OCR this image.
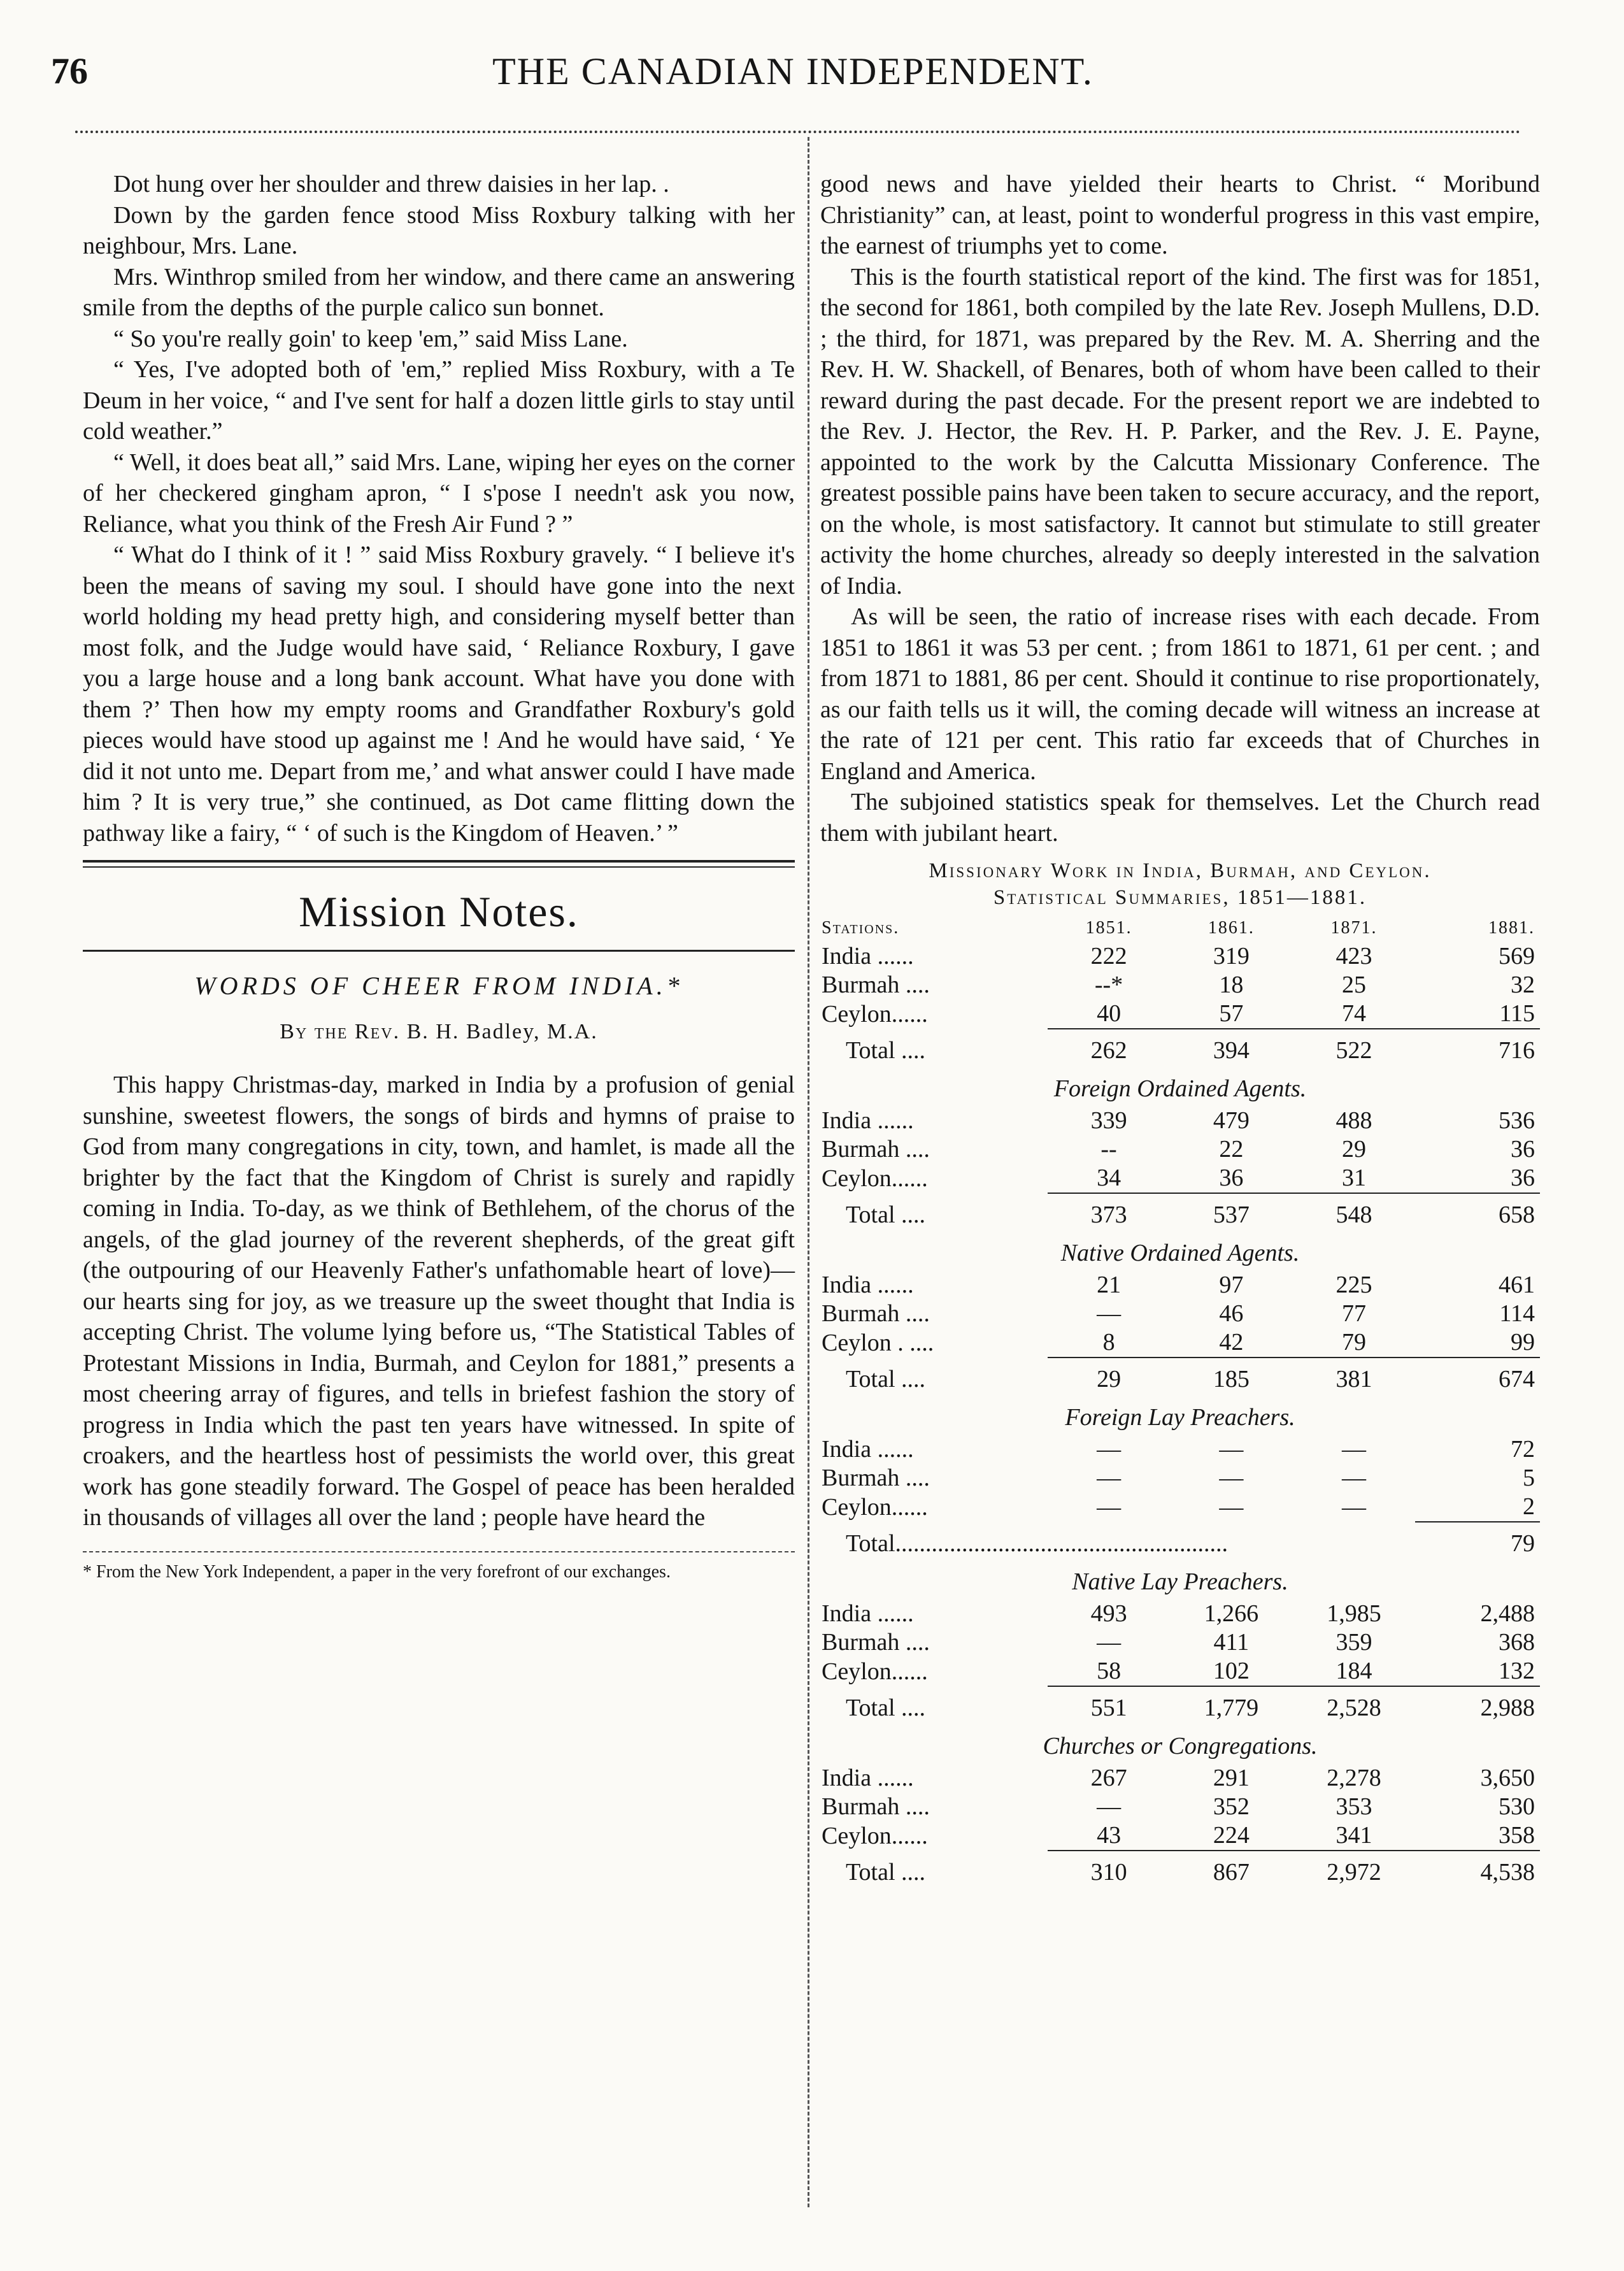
76	THE CANADIAN INDEPENDENT.

Dot hung over her shoulder and threw daisies in her lap. .

Down by the garden fence stood Miss Roxbury talking with her neighbour, Mrs. Lane.

Mrs. Winthrop smiled from her window, and there came an answering smile from the depths of the purple calico sun bonnet.

“ So you're really goin' to keep 'em,” said Miss Lane.

“ Yes, I've adopted both of 'em,” replied Miss Roxbury, with a Te Deum in her voice, “ and I've sent for half a dozen little girls to stay until cold weather.”

“ Well, it does beat all,” said Mrs. Lane, wiping her eyes on the corner of her checkered gingham apron, “ I s'pose I needn't ask you now, Reliance, what you think of the Fresh Air Fund ? ”

“ What do I think of it ! ” said Miss Roxbury gravely. “ I believe it's been the means of saving my soul. I should have gone into the next world holding my head pretty high, and considering myself better than most folk, and the Judge would have said, ‘ Reliance Roxbury, I gave you a large house and a long bank account. What have you done with them ?’ Then how my empty rooms and Grandfather Roxbury's gold pieces would have stood up against me ! And he would have said, ‘ Ye did it not unto me. Depart from me,’ and what answer could I have made him ? It is very true,” she continued, as Dot came flitting down the pathway like a fairy, “ ‘ of such is the Kingdom of Heaven.’ ”

Mission Notes.
WORDS OF CHEER FROM INDIA.*
By the Rev. B. H. Badley, M.A.

This happy Christmas-day, marked in India by a profusion of genial sunshine, sweetest flowers, the songs of birds and hymns of praise to God from many congregations in city, town, and hamlet, is made all the brighter by the fact that the Kingdom of Christ is surely and rapidly coming in India. To-day, as we think of Bethlehem, of the chorus of the angels, of the glad journey of the reverent shepherds, of the great gift (the outpouring of our Heavenly Father's unfathomable heart of love)—our hearts sing for joy, as we treasure up the sweet thought that India is accepting Christ. The volume lying before us, “The Statistical Tables of Protestant Missions in India, Burmah, and Ceylon for 1881,” presents a most cheering array of figures, and tells in briefest fashion the story of progress in India which the past ten years have witnessed. In spite of croakers, and the heartless host of pessimists the world over, this great work has gone steadily forward. The Gospel of peace has been heralded in thousands of villages all over the land ; people have heard the

* From the New York Independent, a paper in the very forefront of our exchanges.

good news and have yielded their hearts to Christ. “ Moribund Christianity” can, at least, point to wonderful progress in this vast empire, the earnest of triumphs yet to come.

This is the fourth statistical report of the kind. The first was for 1851, the second for 1861, both compiled by the late Rev. Joseph Mullens, D.D. ; the third, for 1871, was prepared by the Rev. M. A. Sherring and the Rev. H. W. Shackell, of Benares, both of whom have been called to their reward during the past decade. For the present report we are indebted to the Rev. J. Hector, the Rev. H. P. Parker, and the Rev. J. E. Payne, appointed to the work by the Calcutta Missionary Conference. The greatest possible pains have been taken to secure accuracy, and the report, on the whole, is most satisfactory. It cannot but stimulate to still greater activity the home churches, already so deeply interested in the salvation of India.

As will be seen, the ratio of increase rises with each decade. From 1851 to 1861 it was 53 per cent. ; from 1861 to 1871, 61 per cent. ; and from 1871 to 1881, 86 per cent. Should it continue to rise proportionately, as our faith tells us it will, the coming decade will witness an increase at the rate of 121 per cent. This ratio far exceeds that of Churches in England and America.

The subjoined statistics speak for themselves. Let the Church read them with jubilant heart.

Missionary Work in India, Burmah, and Ceylon.
Statistical Summaries, 1851—1881.
Stations.	1851.	1861.	1871.	1881.
India ......	222	319	423	569
Burmah ....	--*	18	25	32
Ceylon......	40	57	74	115
Total ....	262	394	522	716
Foreign Ordained Agents.				
India ......	339	479	488	536
Burmah ....	--	22	29	36
Ceylon......	34	36	31	36
Total ....	373	537	548	658
Native Ordained Agents.				
India ......	21	97	225	461
Burmah ....	—	46	77	114
Ceylon . ....	8	42	79	99
Total ....	29	185	381	674
Foreign Lay Preachers.				
India ......	—	—	—	72
Burmah ....	—	—	—	5
Ceylon......	—	—	—	2
Total.......................................................				79
Native Lay Preachers.				
India ......	493	1,266	1,985	2,488
Burmah ....	—	411	359	368
Ceylon......	58	102	184	132
Total ....	551	1,779	2,528	2,988
Churches or Congregations.				
India ......	267	291	2,278	3,650
Burmah ....	—	352	353	530
Ceylon......	43	224	341	358
Total ....	310	867	2,972	4,538
